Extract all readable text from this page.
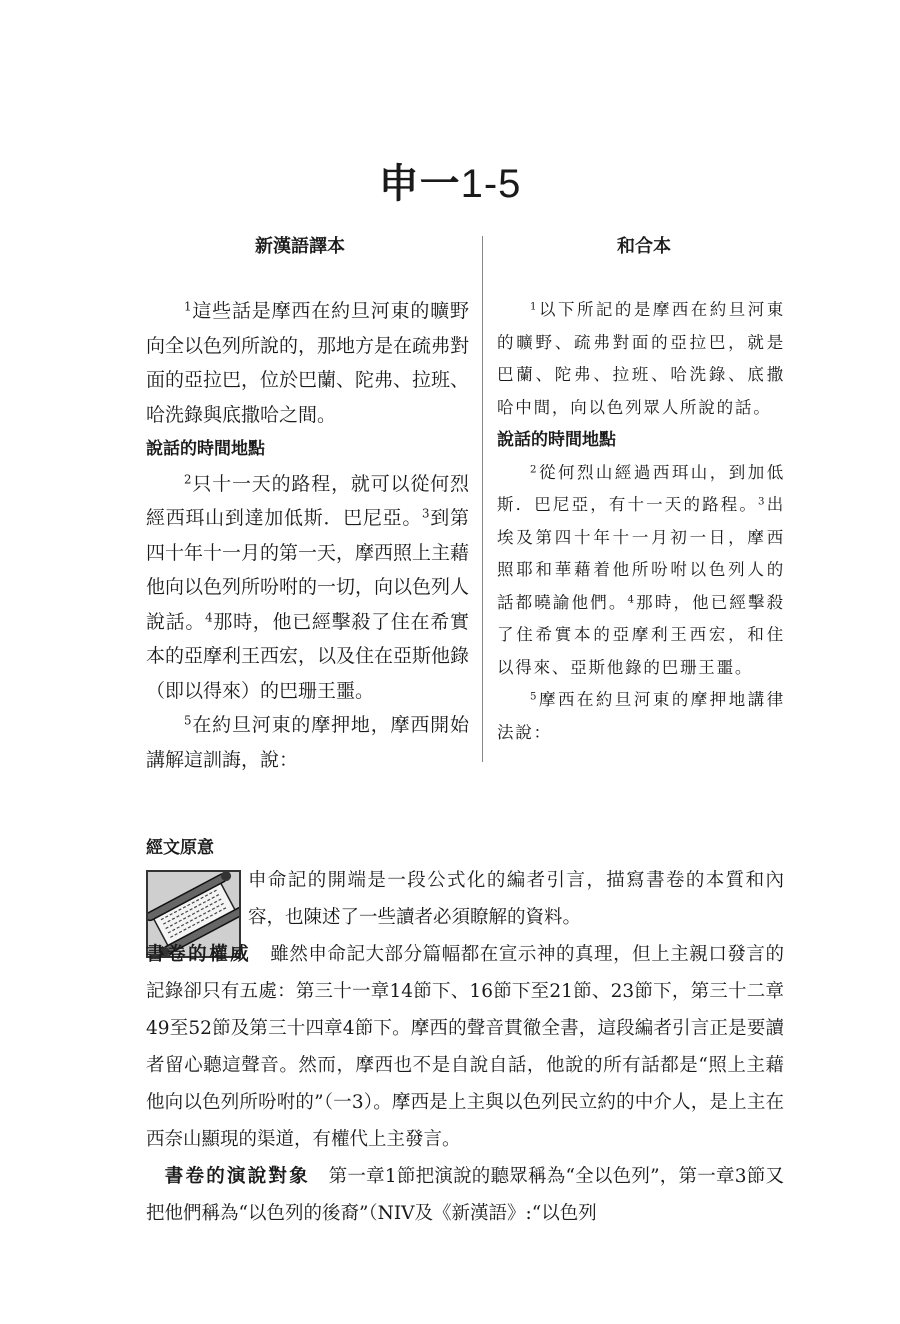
申一1-5
新漢語譯本	和合本

$^1$這些話是摩西在約旦河東的曠野向全以色列所說的，那地方是在疏弗對面的亞拉巴，位於巴蘭、陀弗、拉班、哈洗錄與底撒哈之間。

說話的時間地點

$^2$只十一天的路程，就可以從何烈經西珥山到達加低斯．巴尼亞。$^3$到第四十年十一月的第一天，摩西照上主藉他向以色列所吩咐的一切，向以色列人說話。$^4$那時，他已經擊殺了住在希實本的亞摩利王西宏，以及住在亞斯他錄（即以得來）的巴珊王噩。

$^5$在約旦河東的摩押地，摩西開始講解這訓誨，說：

$^1$以下所記的是摩西在約旦河東的曠野、疏弗對面的亞拉巴，就是巴蘭、陀弗、拉班、哈洗錄、底撒哈中間，向以色列眾人所說的話。

說話的時間地點

$^2$從何烈山經過西珥山，到加低斯．巴尼亞，有十一天的路程。$^3$出埃及第四十年十一月初一日，摩西照耶和華藉着他所吩咐以色列人的話都曉諭他們。$^4$那時，他已經擊殺了住希實本的亞摩利王西宏，和住以得來、亞斯他錄的巴珊王噩。

$^5$摩西在約旦河東的摩押地講律法說：

經文原意

申命記的開端是一段公式化的編者引言，描寫書卷的本質和內容，也陳述了一些讀者必須瞭解的資料。

書卷的權威　 雖然申命記大部分篇幅都在宣示神的真理，但上主親口發言的記錄卻只有五處：第三十一章14節下、16節下至21節、23節下，第三十二章49至52節及第三十四章4節下。摩西的聲音貫徹全書，這段編者引言正是要讀者留心聽這聲音。然而，摩西也不是自說自話，他說的所有話都是“照上主藉他向以色列所吩咐的”（一3）。摩西是上主與以色列民立約的中介人，是上主在西奈山顯現的渠道，有權代上主發言。

　書卷的演說對象　 第一章1節把演說的聽眾稱為“全以色列”，第一章3節又把他們稱為“以色列的後裔”（NIV及《新漢語》:“以色列
